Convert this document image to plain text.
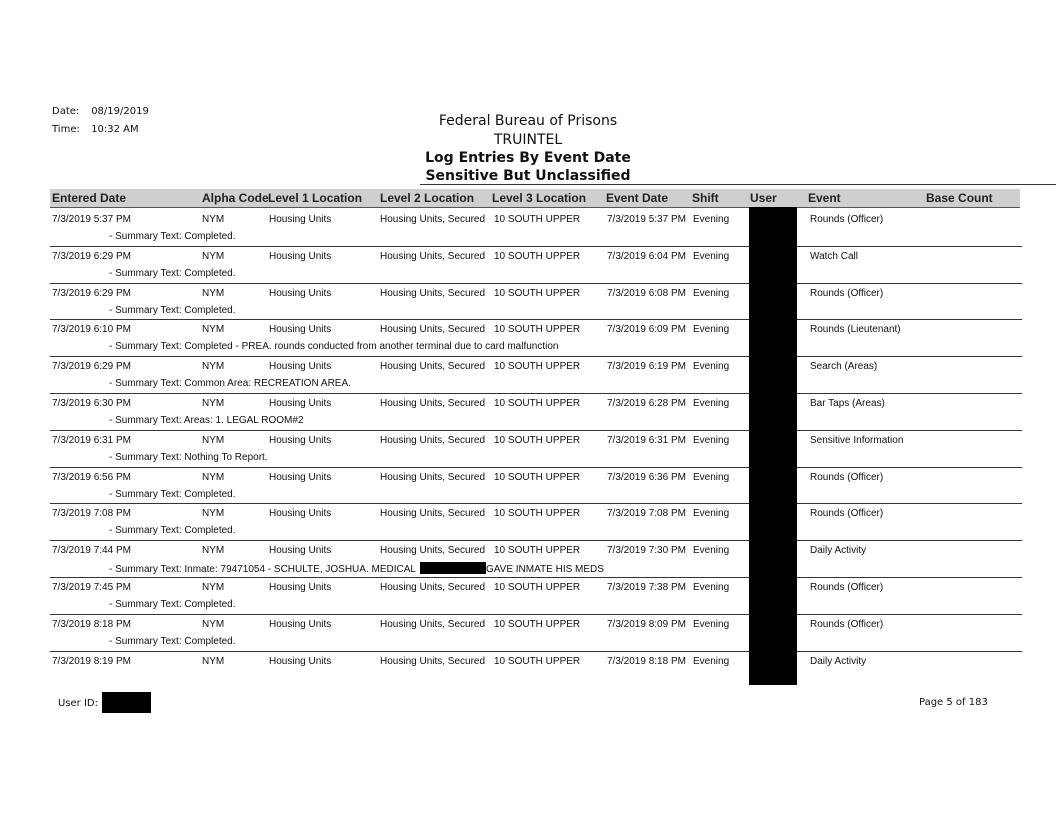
Date: 08/19/2019
Time: 10:32 AM
Federal Bureau of Prisons
TRUINTEL
Log Entries By Event Date
Sensitive But Unclassified
Entered Date	Alpha Code Level 1 Location Level 2 Location Level 3 Location Event Date Shift	User	Event	Base Count
7/3/2019 5:37 PM	NYM	Housing Units	Housing Units, Secured 10 SOUTH UPPER	7/3/2019 5:37 PM Evening	Rounds (Officer)
- Summary Text: Completed.
7/3/2019 6:29 PM	NYM	Housing Units	Housing Units, Secured 10 SOUTH UPPER	7/3/2019 6:04 PM Evening	Watch Call
- Summary Text: Completed.
7/3/2019 6:29 PM	NYM	Housing Units	Housing Units, Secured 10 SOUTH UPPER	7/3/2019 6:08 PM Evening	Rounds (Officer)
- Summary Text: Completed.
7/3/2019 6:10 PM	NYM	Housing Units	Housing Units, Secured 10 SOUTH UPPER	7/3/2019 6:09 PM Evening	Rounds (Lieutenant)
- Summary Text: Completed - PREA. rounds conducted from another terminal due to card malfunction
7/3/2019 6:29 PM	NYM	Housing Units	Housing Units, Secured 10 SOUTH UPPER	7/3/2019 6:19 PM Evening	Search (Areas)
- Summary Text: Common Area: RECREATION AREA.
7/3/2019 6:30 PM	NYM	Housing Units	Housing Units, Secured 10 SOUTH UPPER	7/3/2019 6:28 PM Evening	Bar Taps (Areas)
- Summary Text: Areas: 1. LEGAL ROOM#2
7/3/2019 6:31 PM	NYM	Housing Units	Housing Units, Secured 10 SOUTH UPPER	7/3/2019 6:31 PM Evening	Sensitive Information
- Summary Text: Nothing To Report.
7/3/2019 6:56 PM	NYM	Housing Units	Housing Units, Secured 10 SOUTH UPPER	7/3/2019 6:36 PM Evening	Rounds (Officer)
- Summary Text: Completed.
7/3/2019 7:08 PM	NYM	Housing Units	Housing Units, Secured 10 SOUTH UPPER	7/3/2019 7:08 PM Evening	Rounds (Officer)
- Summary Text: Completed.
7/3/2019 7:44 PM	NYM	Housing Units	Housing Units, Secured 10 SOUTH UPPER	7/3/2019 7:30 PM Evening	Daily Activity
- Summary Text: Inmate: 79471054 - SCHULTE, JOSHUA. MEDICAL	GAVE INMATE HIS MEDS
7/3/2019 7:45 PM	NYM	Housing Units	Housing Units, Secured 10 SOUTH UPPER	7/3/2019 7:38 PM Evening	Rounds (Officer)
- Summary Text: Completed.
7/3/2019 8:18 PM	NYM	Housing Units	Housing Units, Secured 10 SOUTH UPPER	7/3/2019 8:09 PM Evening	Rounds (Officer)
- Summary Text: Completed.
7/3/2019 8:19 PM	NYM	Housing Units	Housing Units, Secured 10 SOUTH UPPER	7/3/2019 8:18 PM Evening	Daily Activity
User ID:	Page 5 of 183
